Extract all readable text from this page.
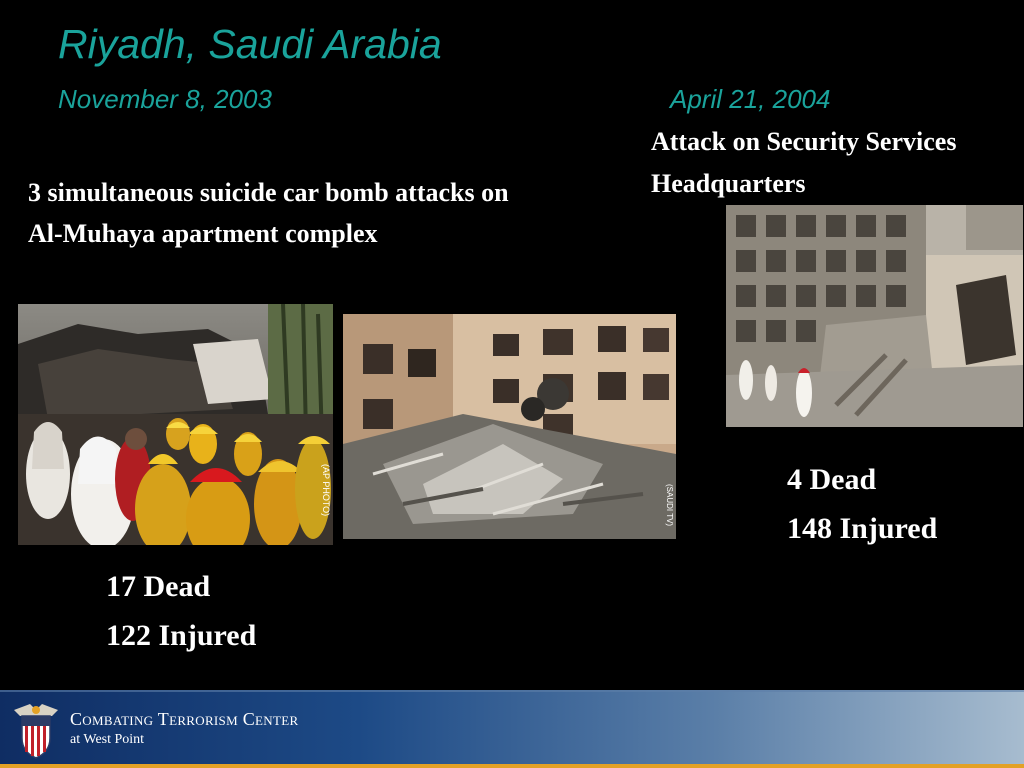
Riyadh, Saudi Arabia
November 8, 2003	April 21, 2004
Attack on Security Services Headquarters
3 simultaneous suicide car bomb attacks on Al-Muhaya apartment complex
(AP PHOTO)	(SAUDI TV)
4 Dead
148 Injured
17 Dead
122 Injured
Combating Terrorism Center
at West Point
